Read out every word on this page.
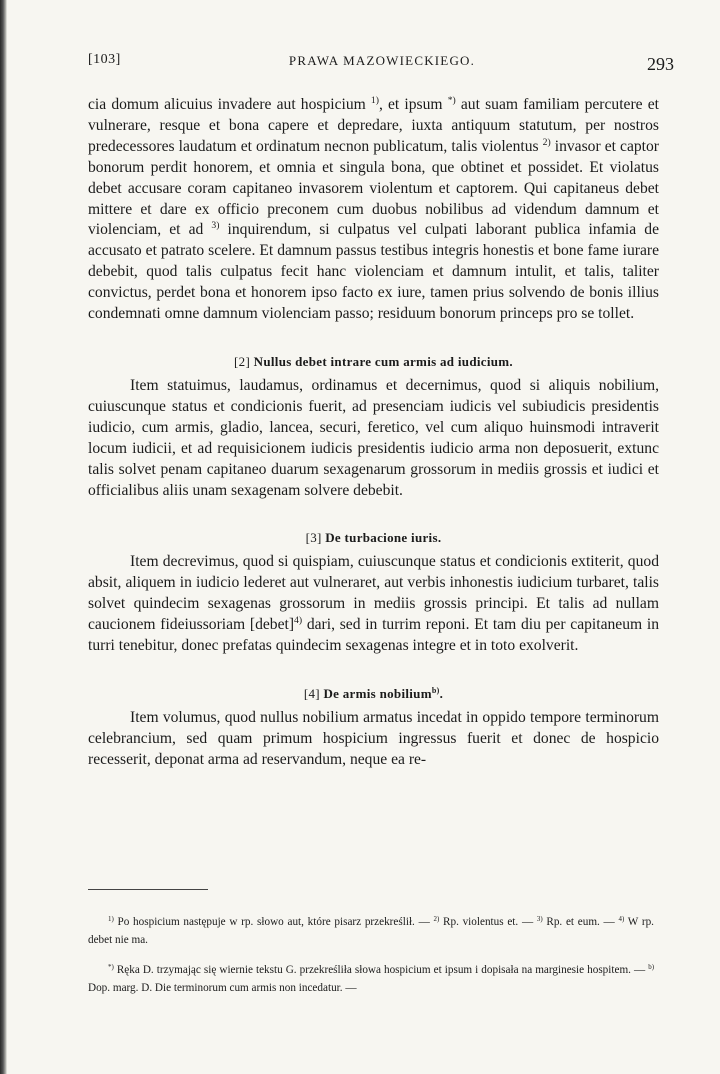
[103]	PRAWA MAZOWIECKIEGO.	293

cia domum alicuius invadere aut hospicium $^{1)}$, et ipsum *) aut suam familiam percutere et vulnerare, resque et bona capere et depredare, iuxta antiquum statutum, per nostros predecessores laudatum et ordinatum necnon publicatum, talis violentus $^{2)}$ invasor et captor bonorum perdit honorem, et omnia et singula bona, que obtinet et possidet. Et violatus debet accusare coram capitaneo invasorem violentum et captorem. Qui capitaneus debet mittere et dare ex officio preconem cum duobus nobilibus ad videndum damnum et violenciam, et ad $^{3)}$ inquirendum, si culpatus vel culpati laborant publica infamia de accusato et patrato scelere. Et damnum passus testibus integris honestis et bone fame iurare debebit, quod talis culpatus fecit hanc violenciam et damnum intulit, et talis, taliter convictus, perdet bona et honorem ipso facto ex iure, tamen prius solvendo de bonis illius condemnati omne damnum violenciam passo; residuum bonorum princeps pro se tollet.

[2] Nullus debet intrare cum armis ad iudicium.

Item statuimus, laudamus, ordinamus et decernimus, quod si aliquis nobilium, cuiuscunque status et condicionis fuerit, ad presenciam iudicis vel subiudicis presidentis iudicio, cum armis, gladio, lancea, securi, feretico, vel cum aliquo huinsmodi intraverit locum iudicii, et ad requisicionem iudicis presidentis iudicio arma non deposuerit, extunc talis solvet penam capitaneo duarum sexagenarum grossorum in mediis grossis et iudici et officialibus aliis unam sexagenam solvere debebit.

[3] De turbacione iuris.

Item decrevimus, quod si quispiam, cuiuscunque status et condicionis extiterit, quod absit, aliquem in iudicio lederet aut vulneraret, aut verbis inhonestis iudicium turbaret, talis solvet quindecim sexagenas grossorum in mediis grossis principi. Et talis ad nullam caucionem fideiussoriam [debet]$^{4)}$ dari, sed in turrim reponi. Et tam diu per capitaneum in turri tenebitur, donec prefatas quindecim sexagenas integre et in toto exolverit.

[4] De armis nobilium$^{b)}$.

Item volumus, quod nullus nobilium armatus incedat in oppido tempore terminorum celebrancium, sed quam primum hospicium ingressus fuerit et donec de hospicio recesserit, deponat arma ad reservandum, neque ea re-

$^{1)}$ Po hospicium następuje w rp. słowo aut, które pisarz przekreślił. — $^{2)}$ Rp. violentus et. — $^{3)}$ Rp. et eum. — $^{4)}$ W rp. debet nie ma.

*) Ręka D. trzymając się wiernie tekstu G. przekreśliła słowa hospicium et ipsum i dopisała na marginesie hospitem. — $^{b)}$ Dop. marg. D. Die terminorum cum armis non incedatur. —
